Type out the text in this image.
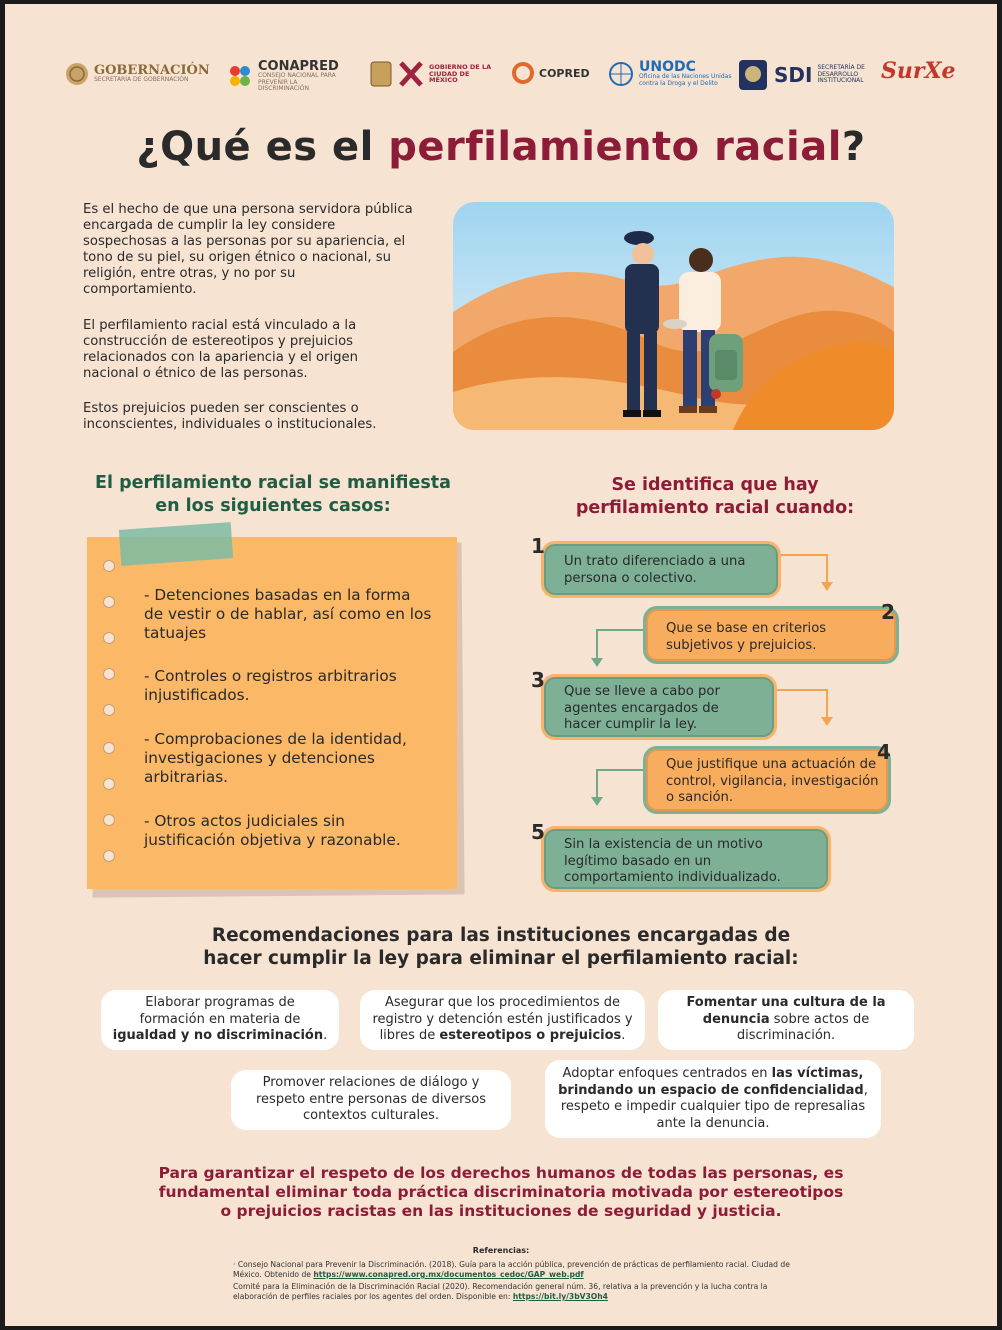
GOBERNACIÓN
SECRETARÍA DE GOBERNACIÓN
CONAPRED
CONSEJO NACIONAL PARA PREVENIR LA DISCRIMINACIÓN
GOBIERNO DE LA CIUDAD DE MÉXICO
COPRED	UNODC
Oficina de las Naciones Unidas contra la Droga y el Delito	SDI SECRETARÍA DE DESARROLLO INSTITUCIONAL SurXe
¿Qué es el perfilamiento racial?

Es el hecho de que una persona servidora pública encargada de cumplir la ley considere sospechosas a las personas por su apariencia, el tono de su piel, su origen étnico o nacional, su religión, entre otras, y no por su comportamiento.

El perfilamiento racial está vinculado a la construcción de estereotipos y prejuicios relacionados con la apariencia y el origen nacional o étnico de las personas.

Estos prejuicios pueden ser conscientes o inconscientes, individuales o institucionales.

El perfilamiento racial se manifiesta en los siguientes casos:

- Detenciones basadas en la forma de vestir o de hablar, así como en los tatuajes

- Controles o registros arbitrarios injustificados.

- Comprobaciones de la identidad, investigaciones y detenciones arbitrarias.

- Otros actos judiciales sin justificación objetiva y razonable.

Se identifica que hay perfilamiento racial cuando:
Un trato diferenciado a una persona o colectivo.
1
Que se base en criterios subjetivos y prejuicios.
2
Que se lleve a cabo por agentes encargados de hacer cumplir la ley.
3
Que justifique una actuación de control, vigilancia, investigación o sanción.
4
Sin la existencia de un motivo legítimo basado en un comportamiento individualizado.
5
Recomendaciones para las instituciones encargadas de hacer cumplir la ley para eliminar el perfilamiento racial:

Elaborar programas de formación en materia de igualdad y no discriminación.

Asegurar que los procedimientos de registro y detención estén justificados y libres de estereotipos o prejuicios.

Fomentar una cultura de la denuncia sobre actos de discriminación.

Promover relaciones de diálogo y respeto entre personas de diversos contextos culturales.

Adoptar enfoques centrados en las víctimas, brindando un espacio de confidencialidad, respeto e impedir cualquier tipo de represalias ante la denuncia.

Para garantizar el respeto de los derechos humanos de todas las personas, es fundamental eliminar toda práctica discriminatoria motivada por estereotipos o prejuicios racistas en las instituciones de seguridad y justicia.
Referencias:

· Consejo Nacional para Prevenir la Discriminación. (2018). Guía para la acción pública, prevención de prácticas de perfilamiento racial. Ciudad de México. Obtenido de https://www.conapred.org.mx/documentos_cedoc/GAP_web.pdf

Comité para la Eliminación de la Discriminación Racial (2020). Recomendación general núm. 36, relativa a la prevención y la lucha contra la elaboración de perfiles raciales por los agentes del orden. Disponible en: https://bit.ly/3bV3Oh4
